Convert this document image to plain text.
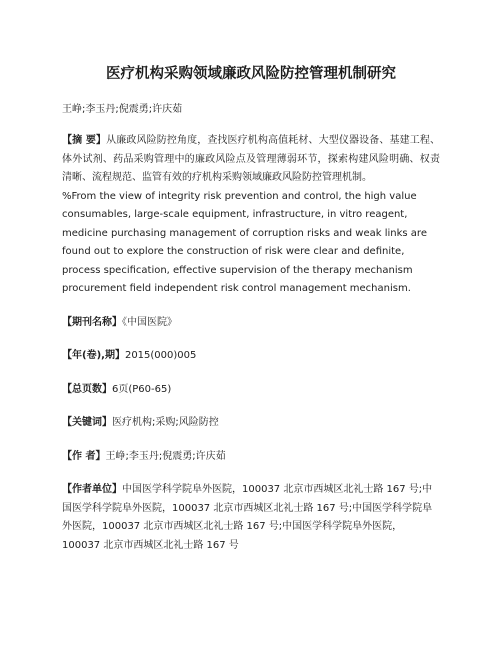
医疗机构采购领域廉政风险防控管理机制研究
王峥;李玉丹;倪震勇;许庆茹
【摘 要】从廉政风险防控角度，查找医疗机构高值耗材、大型仪器设备、基建工程、体外试剂、药品采购管理中的廉政风险点及管理薄弱环节，探索构建风险明确、权责清晰、流程规范、监管有效的疗机构采购领域廉政风险防控管理机制。
%From the view of integrity risk prevention and control, the high value consumables, large-scale equipment, infrastructure, in vitro reagent, medicine purchasing management of corruption risks and weak links are found out to explore the construction of risk were clear and definite, process specification, effective supervision of the therapy mechanism procurement field independent risk control management mechanism.
【期刊名称】《中国医院》
【年(卷),期】2015(000)005
【总页数】6页(P60-65)
【关键词】医疗机构;采购;风险防控
【作 者】王峥;李玉丹;倪震勇;许庆茹
【作者单位】中国医学科学院阜外医院，100037 北京市西城区北礼士路 167 号;中国医学科学院阜外医院，100037 北京市西城区北礼士路 167 号;中国医学科学院阜外医院，100037 北京市西城区北礼士路 167 号;中国医学科学院阜外医院，100037 北京市西城区北礼士路 167 号
